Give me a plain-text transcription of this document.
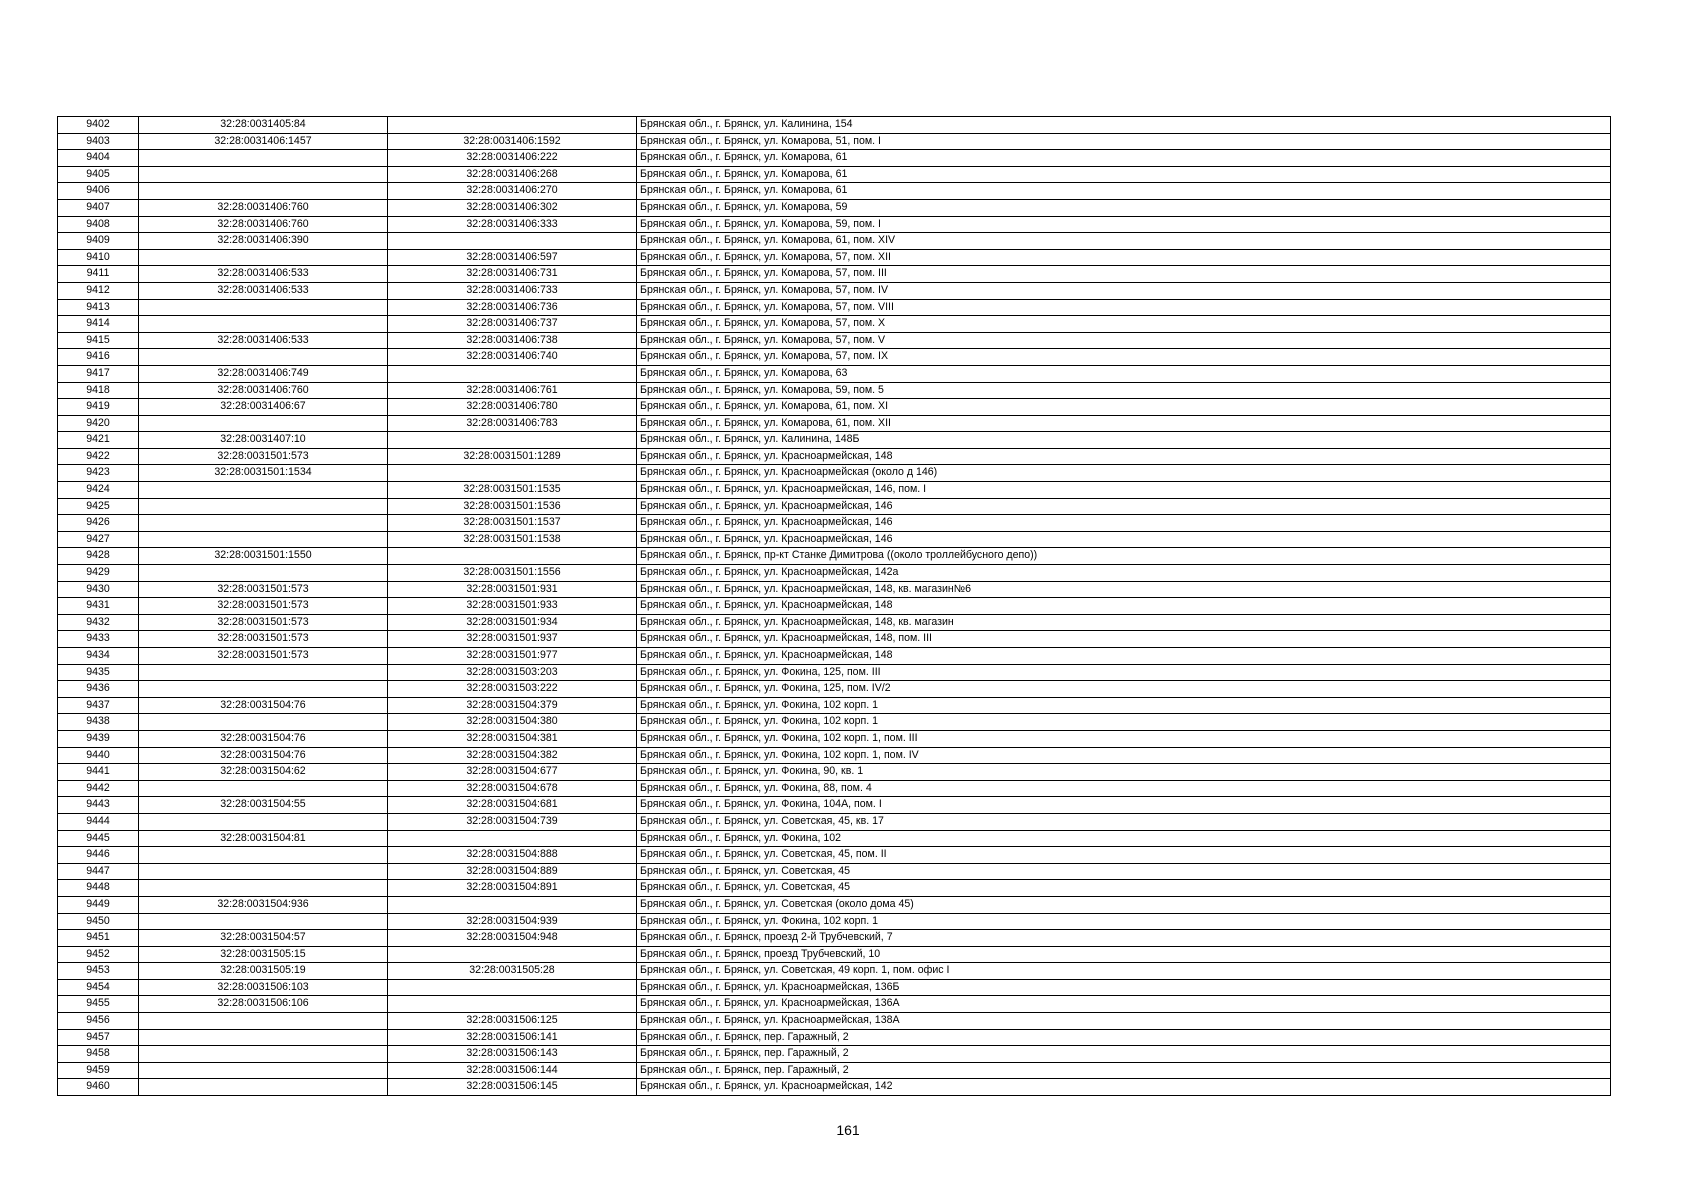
9402	32:28:0031405:84		Брянская обл., г. Брянск, ул. Калинина, 154
9403	32:28:0031406:1457	32:28:0031406:1592	Брянская обл., г. Брянск, ул. Комарова, 51, пом. I
9404		32:28:0031406:222	Брянская обл., г. Брянск, ул. Комарова, 61
9405		32:28:0031406:268	Брянская обл., г. Брянск, ул. Комарова, 61
9406		32:28:0031406:270	Брянская обл., г. Брянск, ул. Комарова, 61
9407	32:28:0031406:760	32:28:0031406:302	Брянская обл., г. Брянск, ул. Комарова, 59
9408	32:28:0031406:760	32:28:0031406:333	Брянская обл., г. Брянск, ул. Комарова, 59, пом. I
9409	32:28:0031406:390		Брянская обл., г. Брянск, ул. Комарова, 61, пом. XIV
9410		32:28:0031406:597	Брянская обл., г. Брянск, ул. Комарова, 57, пом. XII
9411	32:28:0031406:533	32:28:0031406:731	Брянская обл., г. Брянск, ул. Комарова, 57, пом. III
9412	32:28:0031406:533	32:28:0031406:733	Брянская обл., г. Брянск, ул. Комарова, 57, пом. IV
9413		32:28:0031406:736	Брянская обл., г. Брянск, ул. Комарова, 57, пом. VIII
9414		32:28:0031406:737	Брянская обл., г. Брянск, ул. Комарова, 57, пом. X
9415	32:28:0031406:533	32:28:0031406:738	Брянская обл., г. Брянск, ул. Комарова, 57, пом. V
9416		32:28:0031406:740	Брянская обл., г. Брянск, ул. Комарова, 57, пом. IX
9417	32:28:0031406:749		Брянская обл., г. Брянск, ул. Комарова, 63
9418	32:28:0031406:760	32:28:0031406:761	Брянская обл., г. Брянск, ул. Комарова, 59, пом. 5
9419	32:28:0031406:67	32:28:0031406:780	Брянская обл., г. Брянск, ул. Комарова, 61, пом. XI
9420		32:28:0031406:783	Брянская обл., г. Брянск, ул. Комарова, 61, пом. XII
9421	32:28:0031407:10		Брянская обл., г. Брянск, ул. Калинина, 148Б
9422	32:28:0031501:573	32:28:0031501:1289	Брянская обл., г. Брянск, ул. Красноармейская, 148
9423	32:28:0031501:1534		Брянская обл., г. Брянск, ул. Красноармейская (около д 146)
9424		32:28:0031501:1535	Брянская обл., г. Брянск, ул. Красноармейская, 146, пом. I
9425		32:28:0031501:1536	Брянская обл., г. Брянск, ул. Красноармейская, 146
9426		32:28:0031501:1537	Брянская обл., г. Брянск, ул. Красноармейская, 146
9427		32:28:0031501:1538	Брянская обл., г. Брянск, ул. Красноармейская, 146
9428	32:28:0031501:1550		Брянская обл., г. Брянск, пр-кт Станке Димитрова ((около троллейбусного депо))
9429		32:28:0031501:1556	Брянская обл., г. Брянск, ул. Красноармейская, 142а
9430	32:28:0031501:573	32:28:0031501:931	Брянская обл., г. Брянск, ул. Красноармейская, 148, кв. магазин№6
9431	32:28:0031501:573	32:28:0031501:933	Брянская обл., г. Брянск, ул. Красноармейская, 148
9432	32:28:0031501:573	32:28:0031501:934	Брянская обл., г. Брянск, ул. Красноармейская, 148, кв. магазин
9433	32:28:0031501:573	32:28:0031501:937	Брянская обл., г. Брянск, ул. Красноармейская, 148, пом. III
9434	32:28:0031501:573	32:28:0031501:977	Брянская обл., г. Брянск, ул. Красноармейская, 148
9435		32:28:0031503:203	Брянская обл., г. Брянск, ул. Фокина, 125, пом. III
9436		32:28:0031503:222	Брянская обл., г. Брянск, ул. Фокина, 125, пом. IV/2
9437	32:28:0031504:76	32:28:0031504:379	Брянская обл., г. Брянск, ул. Фокина, 102 корп. 1
9438		32:28:0031504:380	Брянская обл., г. Брянск, ул. Фокина, 102 корп. 1
9439	32:28:0031504:76	32:28:0031504:381	Брянская обл., г. Брянск, ул. Фокина, 102 корп. 1, пом. III
9440	32:28:0031504:76	32:28:0031504:382	Брянская обл., г. Брянск, ул. Фокина, 102 корп. 1, пом. IV
9441	32:28:0031504:62	32:28:0031504:677	Брянская обл., г. Брянск, ул. Фокина, 90, кв. 1
9442		32:28:0031504:678	Брянская обл., г. Брянск, ул. Фокина, 88, пом. 4
9443	32:28:0031504:55	32:28:0031504:681	Брянская обл., г. Брянск, ул. Фокина, 104А, пом. I
9444		32:28:0031504:739	Брянская обл., г. Брянск, ул. Советская, 45, кв. 17
9445	32:28:0031504:81		Брянская обл., г. Брянск, ул. Фокина, 102
9446		32:28:0031504:888	Брянская обл., г. Брянск, ул. Советская, 45, пом. II
9447		32:28:0031504:889	Брянская обл., г. Брянск, ул. Советская, 45
9448		32:28:0031504:891	Брянская обл., г. Брянск, ул. Советская, 45
9449	32:28:0031504:936		Брянская обл., г. Брянск, ул. Советская (около дома 45)
9450		32:28:0031504:939	Брянская обл., г. Брянск, ул. Фокина, 102 корп. 1
9451	32:28:0031504:57	32:28:0031504:948	Брянская обл., г. Брянск, проезд 2-й Трубчевский, 7
9452	32:28:0031505:15		Брянская обл., г. Брянск, проезд Трубчевский, 10
9453	32:28:0031505:19	32:28:0031505:28	Брянская обл., г. Брянск, ул. Советская, 49 корп. 1, пом. офис I
9454	32:28:0031506:103		Брянская обл., г. Брянск, ул. Красноармейская, 136Б
9455	32:28:0031506:106		Брянская обл., г. Брянск, ул. Красноармейская, 136А
9456		32:28:0031506:125	Брянская обл., г. Брянск, ул. Красноармейская, 138А
9457		32:28:0031506:141	Брянская обл., г. Брянск, пер. Гаражный, 2
9458		32:28:0031506:143	Брянская обл., г. Брянск, пер. Гаражный, 2
9459		32:28:0031506:144	Брянская обл., г. Брянск, пер. Гаражный, 2
9460		32:28:0031506:145	Брянская обл., г. Брянск, ул. Красноармейская, 142
161
